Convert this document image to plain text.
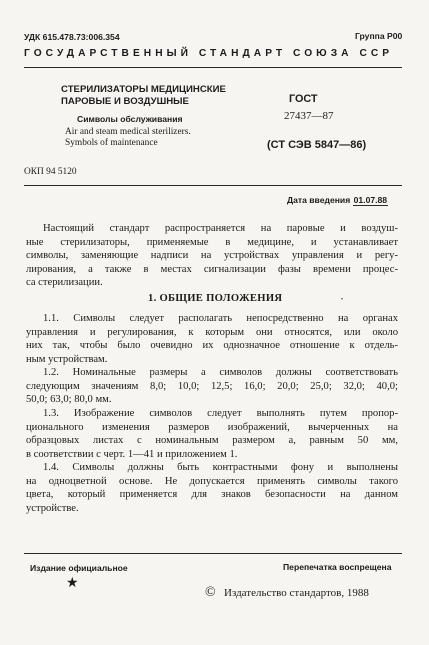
УДК 615.478.73:006.354	Группа Р00
ГОСУДАРСТВЕННЫЙ СТАНДАРТ СОЮЗА ССР
СТЕРИЛИЗАТОРЫ МЕДИЦИНСКИЕ
ПАРОВЫЕ И ВОЗДУШНЫЕ
Символы обслуживания
Air and steam medical sterilizers.
Symbols of maintenance
ГОСТ
27437—87
(СТ СЭВ 5847—86)
ОКП 94 5120
Дата введения 01.07.88
Настоящий стандарт распространяется на паровые и воздуш-
ные стерилизаторы, применяемые в медицине, и устанавливает
символы, заменяющие надписи на устройствах управления и регу-
лирования, а также в местах сигнализации фазы времени процес-
са стерилизации.
1. ОБЩИЕ ПОЛОЖЕНИЯ	•
1.1. Символы следует располагать непосредственно на органах
управления и регулирования, к которым они относятся, или около
них так, чтобы было очевидно их однозначное отношение к отдель-
ным устройствам.
1.2. Номинальные размеры a символов должны соответствовать
следующим значениям 8,0; 10,0; 12,5; 16,0; 20,0; 25,0; 32,0; 40,0;
50,0; 63,0; 80,0 мм.
1.3. Изображение символов следует выполнять путем пропор-
ционального изменения размеров изображений, вычерченных на
образцовых листах с номинальным размером a, равным 50 мм,
в соответствии с черт. 1—41 и приложением 1.
1.4. Символы должны быть контрастными фону и выполнены
на одноцветной основе. Не допускается применять символы такого
цвета, который применяется для знаков безопасности на данном
устройстве.
Издание официальное	Перепечатка воспрещена
★
© Издательство стандартов, 1988
